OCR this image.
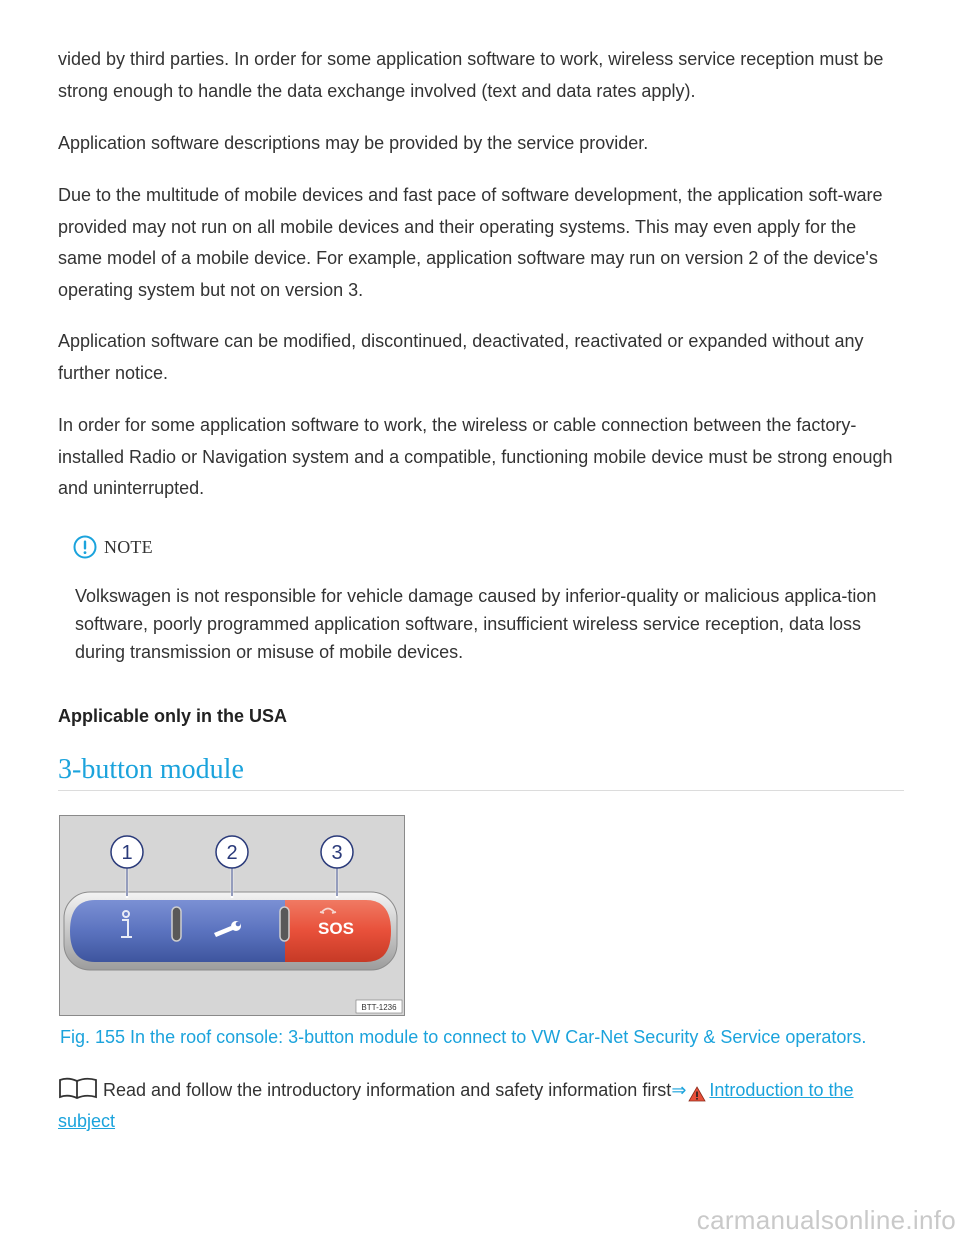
vided by third parties. In order for some application software to work, wireless service reception must be strong enough to handle the data exchange involved (text and data rates apply).

Application software descriptions may be provided by the service provider.

Due to the multitude of mobile devices and fast pace of software development, the application soft-ware provided may not run on all mobile devices and their operating systems. This may even apply for the same model of a mobile device. For example, application software may run on version 2 of the device's operating system but not on version 3.

Application software can be modified, discontinued, deactivated, reactivated or expanded without any further notice.

In order for some application software to work, the wireless or cable connection between the factory-installed Radio or Navigation system and a compatible, functioning mobile device must be strong enough and uninterrupted.

NOTE

Volkswagen is not responsible for vehicle damage caused by inferior-quality or malicious applica-tion software, poorly programmed application software, insufficient wireless service reception, data loss during transmission or misuse of mobile devices.

Applicable only in the USA

3-button module
SOS
1	2	3
BTT-1236

Fig. 155 In the roof console: 3-button module to connect to VW Car-Net Security & Service operators.

Read and follow the introductory information and safety information first⇒ Introduction to the subject

carmanualsonline.info
